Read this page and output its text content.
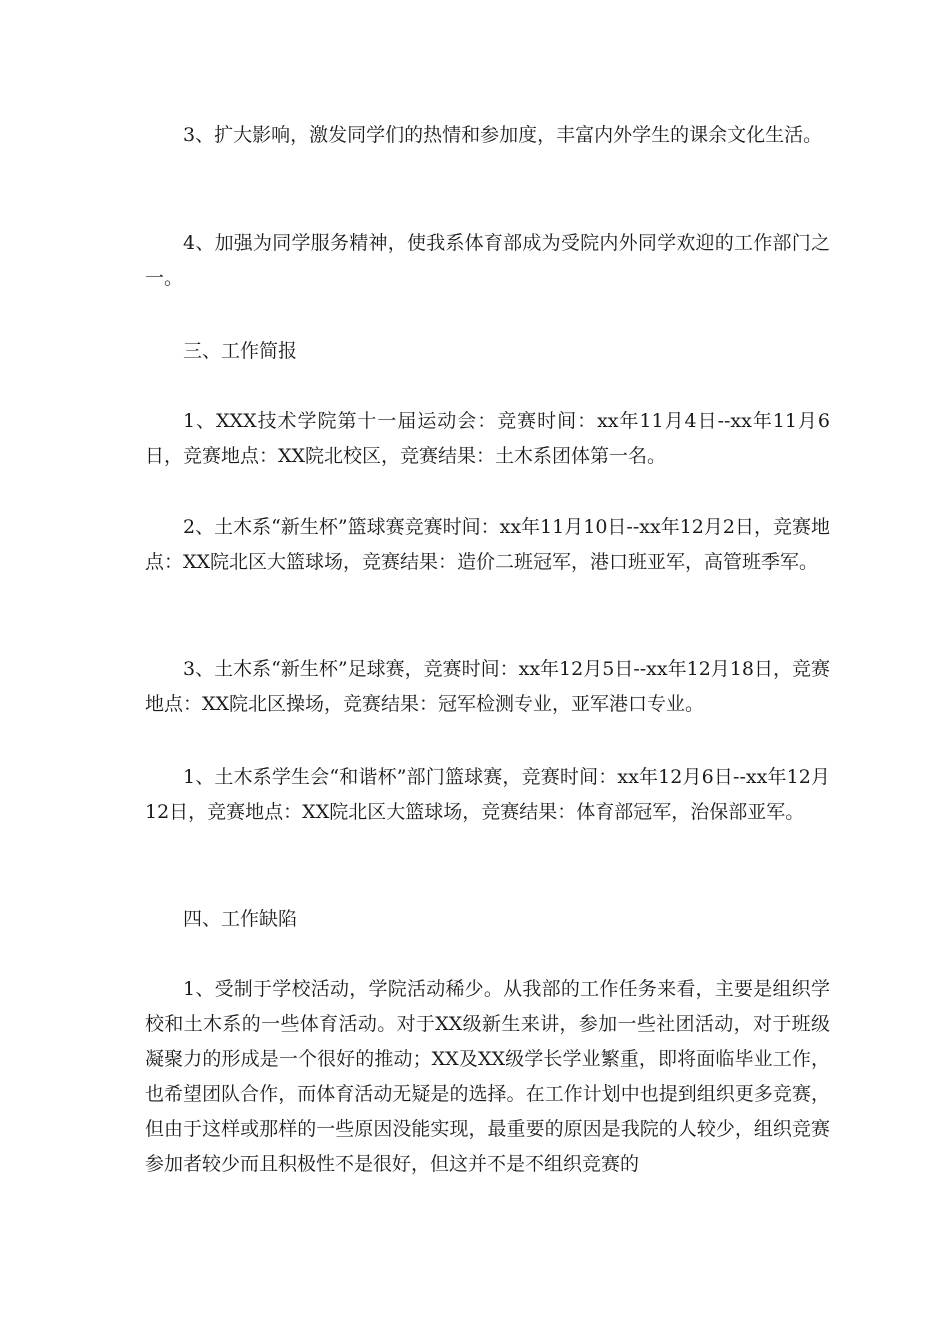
3、扩大影响，激发同学们的热情和参加度，丰富内外学生的课余文化生活。

4、加强为同学服务精神，使我系体育部成为受院内外同学欢迎的工作部门之一。

三、工作简报

1、XXX技术学院第十一届运动会：竞赛时间：xx年11月4日--xx年11月6日，竞赛地点：XX院北校区，竞赛结果：土木系团体第一名。

2、土木系“新生杯”篮球赛竞赛时间：xx年11月10日--xx年12月2日，竞赛地点：XX院北区大篮球场，竞赛结果：造价二班冠军，港口班亚军，高管班季军。

3、土木系“新生杯”足球赛，竞赛时间：xx年12月5日--xx年12月18日，竞赛地点：XX院北区操场，竞赛结果：冠军检测专业，亚军港口专业。

1、土木系学生会“和谐杯”部门篮球赛，竞赛时间：xx年12月6日--xx年12月12日，竞赛地点：XX院北区大篮球场，竞赛结果：体育部冠军，治保部亚军。

四、工作缺陷

1、受制于学校活动，学院活动稀少。从我部的工作任务来看，主要是组织学校和土木系的一些体育活动。对于XX级新生来讲，参加一些社团活动，对于班级凝聚力的形成是一个很好的推动；XX及XX级学长学业繁重，即将面临毕业工作，也希望团队合作，而体育活动无疑是的选择。在工作计划中也提到组织更多竞赛，但由于这样或那样的一些原因没能实现，最重要的原因是我院的人较少，组织竞赛参加者较少而且积极性不是很好，但这并不是不组织竞赛的
